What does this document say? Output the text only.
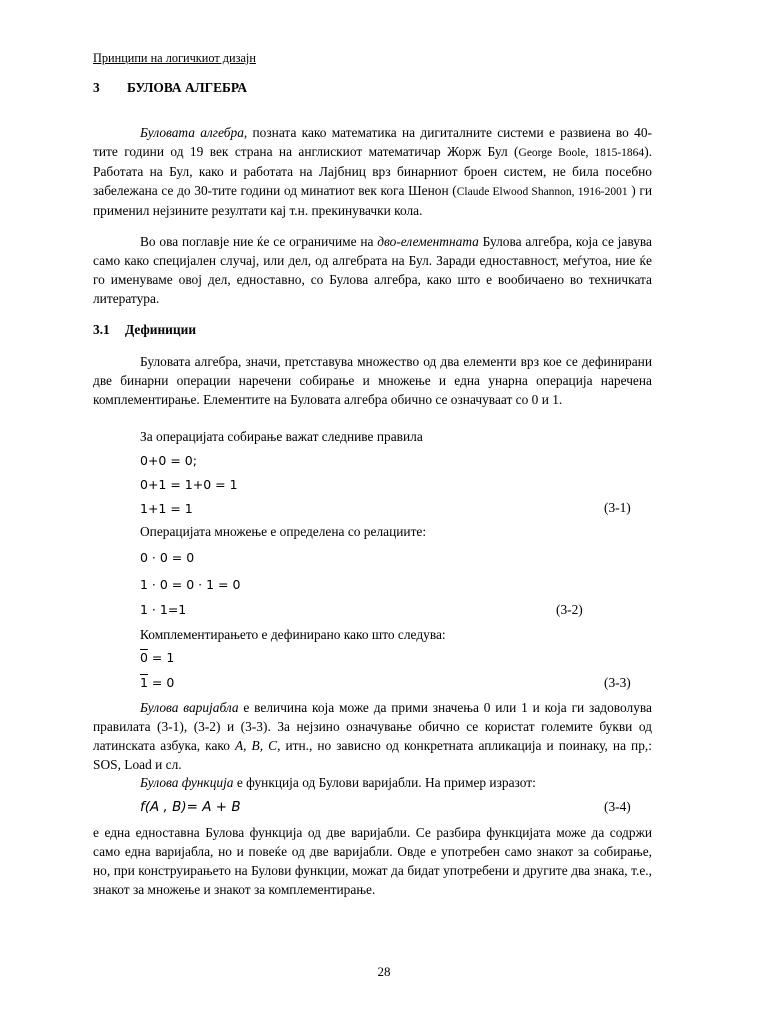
Принципи на логичкиот дизајн
3 БУЛОВА АЛГЕБРА

Буловата алгебра, позната како математика на дигиталните системи е развиена во 40-тите години од 19 век страна на англискиот математичар Жорж Бул (George Boole, 1815-1864). Работата на Бул, како и работата на Лајбниц врз бинарниот броен систем, не била посебно забележана се до 30-тите години од минатиот век кога Шенон (Claude Elwood Shannon, 1916-2001 ) ги применил нејзините резултати кај т.н. прекинувачки кола.

Во ова поглавје ние ќе се ограничиме на дво-елементната Булова алгебра, која се јавува само како специјален случај, или дел, од алгебрата на Бул. Заради едноставност, меѓутоа, ние ќе го именуваме овој дел, едноставно, со Булова алгебра, како што е вообичаено во техничката литература.

3.1 Дефиниции

Буловата алгебра, значи, претставува множество од два елементи врз кое се дефинирани две бинарни операции наречени собирање и множење и една унарна операција наречена комплементирање. Елементите на Буловата алгебра обично се означуваат со 0 и 1.

За операцијата собирање важат следниве правила
0+0 = 0;
0+1 = 1+0 = 1
1+1 = 1	(3-1)
Операцијата множење е определена со релациите:
0 · 0 = 0
1 · 0 = 0 · 1 = 0
1 · 1=1	(3-2)
Комплементирањето е дефинирано како што следува:
0 = 1
1 = 0	(3-3)

Булова варијабла е величина која може да прими значења 0 или 1 и која ги задоволува правилата (3-1), (3-2) и (3-3). За нејзино означување обично се користат големите букви од латинската азбука, како A, B, C, итн., но зависно од конкретната апликација и поинаку, на пр,: SOS, Load и сл.

Булова функција е функција од Булови варијабли. На пример изразот:
f(A , B)= A + B	(3-4)

е една едноставна Булова функција од две варијабли. Се разбира функцијата може да содржи само една варијабла, но и повеќе од две варијабли. Овде е употребен само знакот за собирање, но, при конструирањето на Булови функции, можат да бидат употребени и другите два знака, т.е., знакот за множење и знакот за комплементирање.

28
